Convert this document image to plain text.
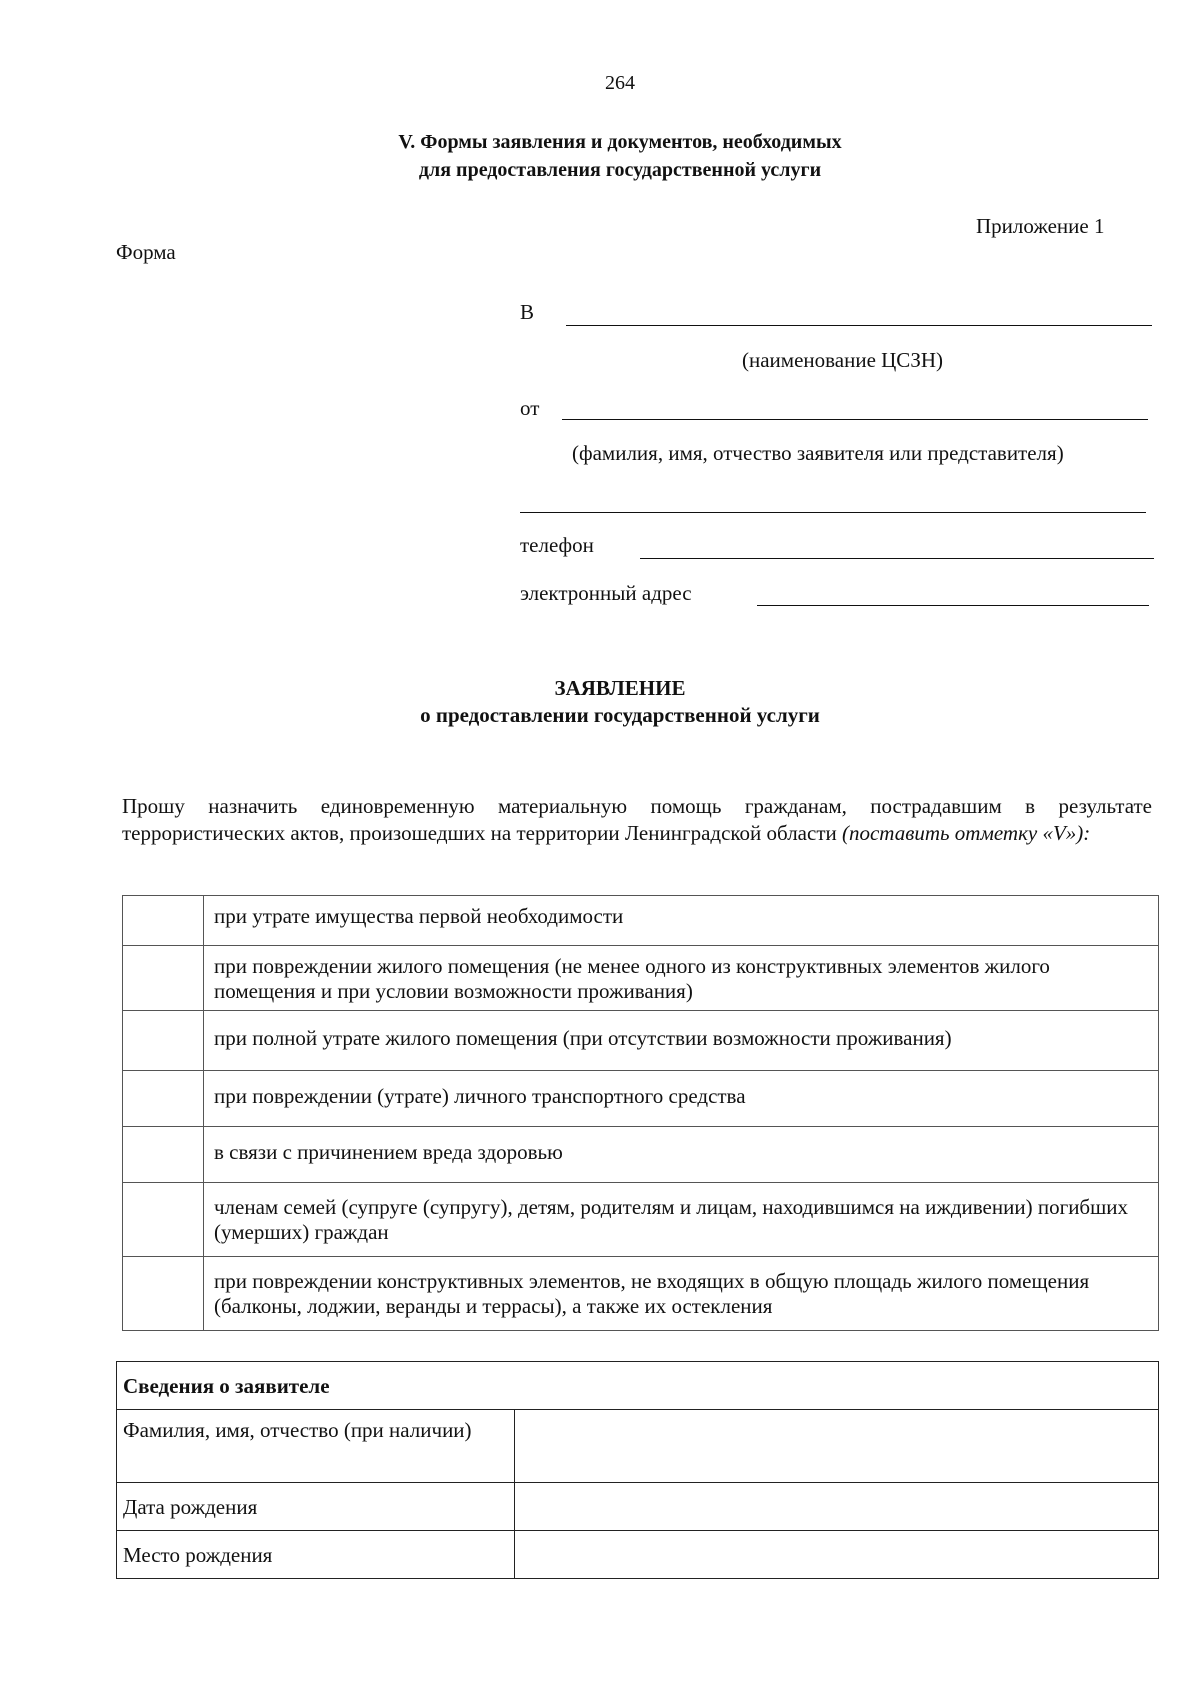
264
V. Формы заявления и документов, необходимых
для предоставления государственной услуги
Приложение 1
Форма
В
(наименование ЦСЗН)
от
(фамилия, имя, отчество заявителя или представителя)
телефон
электронный адрес
ЗАЯВЛЕНИЕ
о предоставлении государственной услуги
Прошу назначить единовременную материальную помощь гражданам, пострадавшим в результате террористических актов, произошедших на территории Ленинградской области (поставить отметку «V»):
	при утрате имущества первой необходимости
	при повреждении жилого помещения (не менее одного из конструктивных элементов жилого помещения и при условии возможности проживания)
	при полной утрате жилого помещения (при отсутствии возможности проживания)
	при повреждении (утрате) личного транспортного средства
	в связи с причинением вреда здоровью
	членам семей (супруге (супругу), детям, родителям и лицам, находившимся на иждивении) погибших (умерших) граждан
	при повреждении конструктивных элементов, не входящих в общую площадь жилого помещения (балконы, лоджии, веранды и террасы), а также их остекления
Сведения о заявителе	
Фамилия, имя, отчество (при наличии)	
Дата рождения	
Место рождения	
